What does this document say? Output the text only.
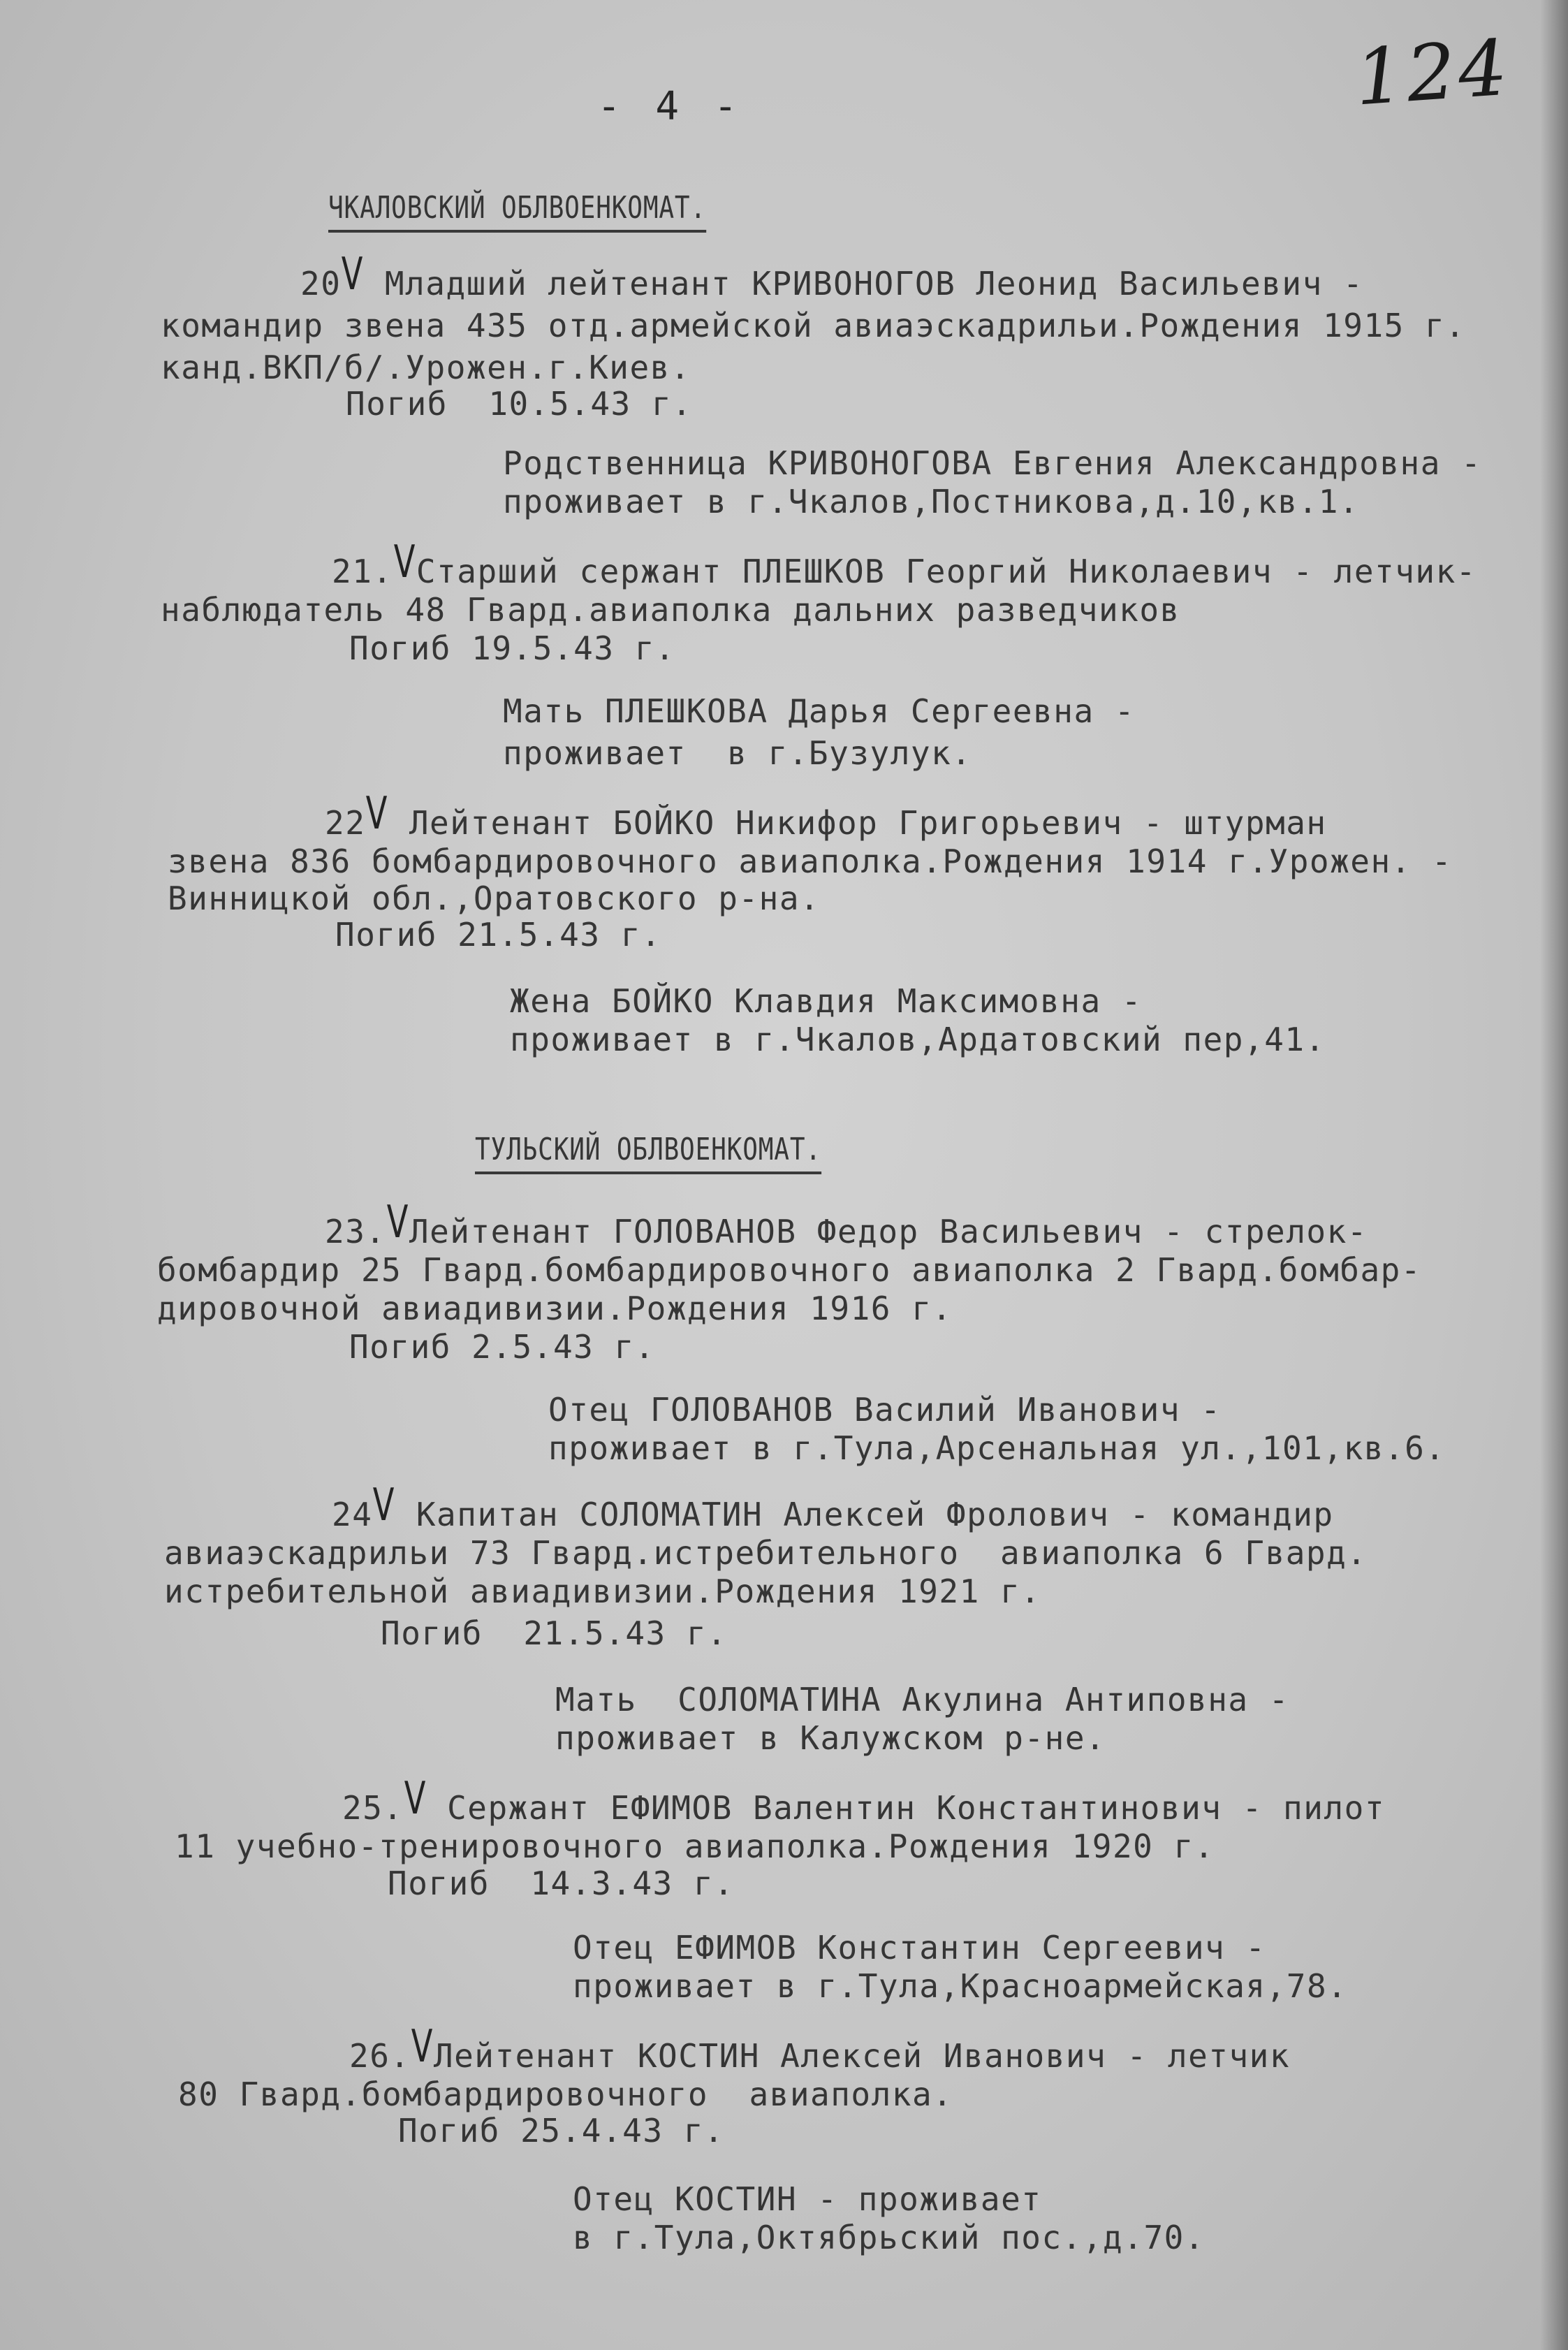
124
- 4 -
ЧКАЛОВСКИЙ ОБЛВОЕНКОМАТ.
20V Младший лейтенант КРИВОНОГОВ Леонид Васильевич -
командир звена 435 отд.армейской авиаэскадрильи.Рождения 1915 г.
канд.ВКП/б/.Урожен.г.Киев.
Погиб  10.5.43 г.
Родственница КРИВОНОГОВА Евгения Александровна -
проживает в г.Чкалов,Постникова,д.10,кв.1.
21.VСтарший сержант ПЛЕШКОВ Георгий Николаевич - летчик-
наблюдатель 48 Гвард.авиаполка дальних разведчиков
Погиб 19.5.43 г.
Мать ПЛЕШКОВА Дарья Сергеевна -
проживает  в г.Бузулук.
22V Лейтенант БОЙКО Никифор Григорьевич - штурман
звена 836 бомбардировочного авиаполка.Рождения 1914 г.Урожен. -
Винницкой обл.,Оратовского р-на.
Погиб 21.5.43 г.
Жена БОЙКО Клавдия Максимовна -
проживает в г.Чкалов,Ардатовский пер,41.
ТУЛЬСКИЙ ОБЛВОЕНКОМАТ.
23.VЛейтенант ГОЛОВАНОВ Федор Васильевич - стрелок-
бомбардир 25 Гвард.бомбардировочного авиаполка 2 Гвард.бомбар-
дировочной авиадивизии.Рождения 1916 г.
Погиб 2.5.43 г.
Отец ГОЛОВАНОВ Василий Иванович -
проживает в г.Тула,Арсенальная ул.,101,кв.6.
24V Капитан СОЛОМАТИН Алексей Фролович - командир
авиаэскадрильи 73 Гвард.истребительного  авиаполка 6 Гвард.
истребительной авиадивизии.Рождения 1921 г.
Погиб  21.5.43 г.
Мать  СОЛОМАТИНА Акулина Антиповна -
проживает в Калужском р-не.
25.V Сержант ЕФИМОВ Валентин Константинович - пилот
11 учебно-тренировочного авиаполка.Рождения 1920 г.
Погиб  14.3.43 г.
Отец ЕФИМОВ Константин Сергеевич -
проживает в г.Тула,Красноармейская,78.
26.VЛейтенант КОСТИН Алексей Иванович - летчик
80 Гвард.бомбардировочного  авиаполка.
Погиб 25.4.43 г.
Отец КОСТИН - проживает
в г.Тула,Октябрьский пос.,д.70.
